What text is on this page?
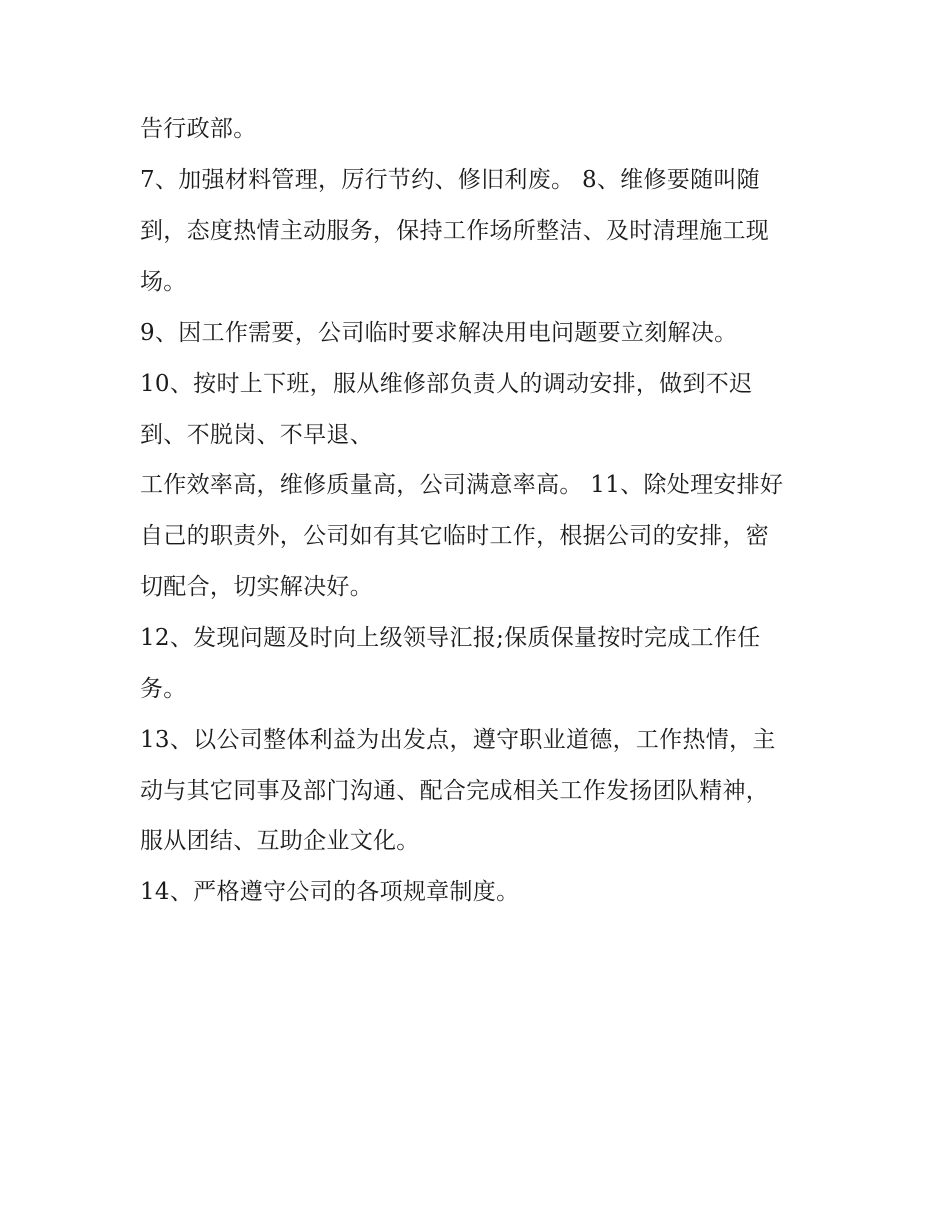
告行政部。

7、加强材料管理，厉行节约、修旧利废。 8、维修要随叫随

到，态度热情主动服务，保持工作场所整洁、及时清理施工现

场。

9、因工作需要，公司临时要求解决用电问题要立刻解决。

10、按时上下班，服从维修部负责人的调动安排，做到不迟

到、不脱岗、不早退、

工作效率高，维修质量高，公司满意率高。 11、除处理安排好

自己的职责外，公司如有其它临时工作，根据公司的安排，密

切配合，切实解决好。

12、发现问题及时向上级领导汇报;保质保量按时完成工作任

务。

13、以公司整体利益为出发点，遵守职业道德，工作热情，主

动与其它同事及部门沟通、配合完成相关工作发扬团队精神，

服从团结、互助企业文化。

14、严格遵守公司的各项规章制度。
